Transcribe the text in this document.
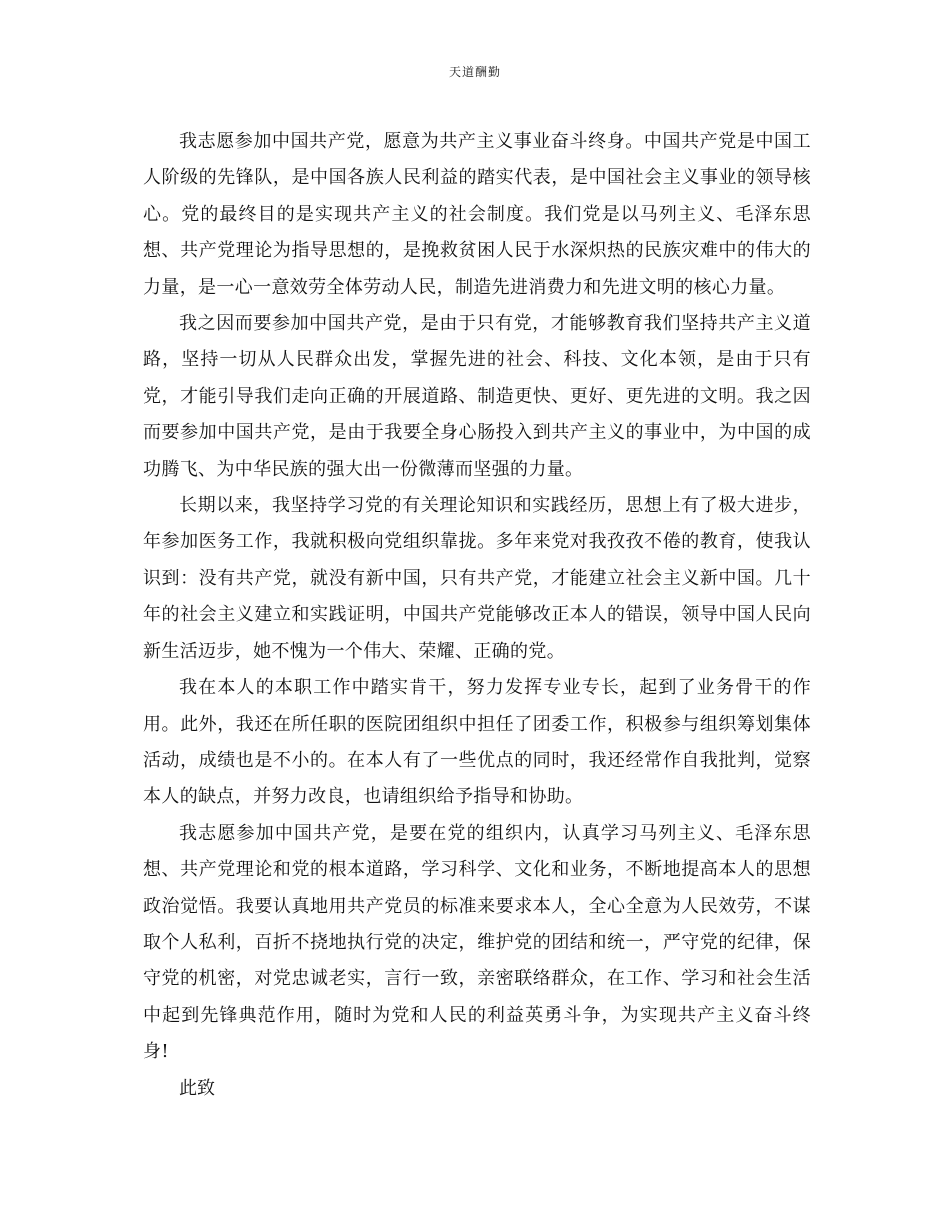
天道酬勤

我志愿参加中国共产党，愿意为共产主义事业奋斗终身。中国共产党是中国工人阶级的先锋队，是中国各族人民利益的踏实代表，是中国社会主义事业的领导核心。党的最终目的是实现共产主义的社会制度。我们党是以马列主义、毛泽东思想、共产党理论为指导思想的，是挽救贫困人民于水深炽热的民族灾难中的伟大的力量，是一心一意效劳全体劳动人民，制造先进消费力和先进文明的核心力量。

我之因而要参加中国共产党，是由于只有党，才能够教育我们坚持共产主义道路，坚持一切从人民群众出发，掌握先进的社会、科技、文化本领，是由于只有党，才能引导我们走向正确的开展道路、制造更快、更好、更先进的文明。我之因而要参加中国共产党，是由于我要全身心肠投入到共产主义的事业中，为中国的成功腾飞、为中华民族的强大出一份微薄而坚强的力量。

长期以来，我坚持学习党的有关理论知识和实践经历，思想上有了极大进步，年参加医务工作，我就积极向党组织靠拢。多年来党对我孜孜不倦的教育，使我认识到：没有共产党，就没有新中国，只有共产党，才能建立社会主义新中国。几十年的社会主义建立和实践证明，中国共产党能够改正本人的错误，领导中国人民向新生活迈步，她不愧为一个伟大、荣耀、正确的党。

我在本人的本职工作中踏实肯干，努力发挥专业专长，起到了业务骨干的作用。此外，我还在所任职的医院团组织中担任了团委工作，积极参与组织筹划集体活动，成绩也是不小的。在本人有了一些优点的同时，我还经常作自我批判，觉察本人的缺点，并努力改良，也请组织给予指导和协助。

我志愿参加中国共产党，是要在党的组织内，认真学习马列主义、毛泽东思想、共产党理论和党的根本道路，学习科学、文化和业务，不断地提高本人的思想政治觉悟。我要认真地用共产党员的标准来要求本人，全心全意为人民效劳，不谋取个人私利，百折不挠地执行党的决定，维护党的团结和统一，严守党的纪律，保守党的机密，对党忠诚老实，言行一致，亲密联络群众，在工作、学习和社会生活中起到先锋典范作用，随时为党和人民的利益英勇斗争，为实现共产主义奋斗终身!

此致
